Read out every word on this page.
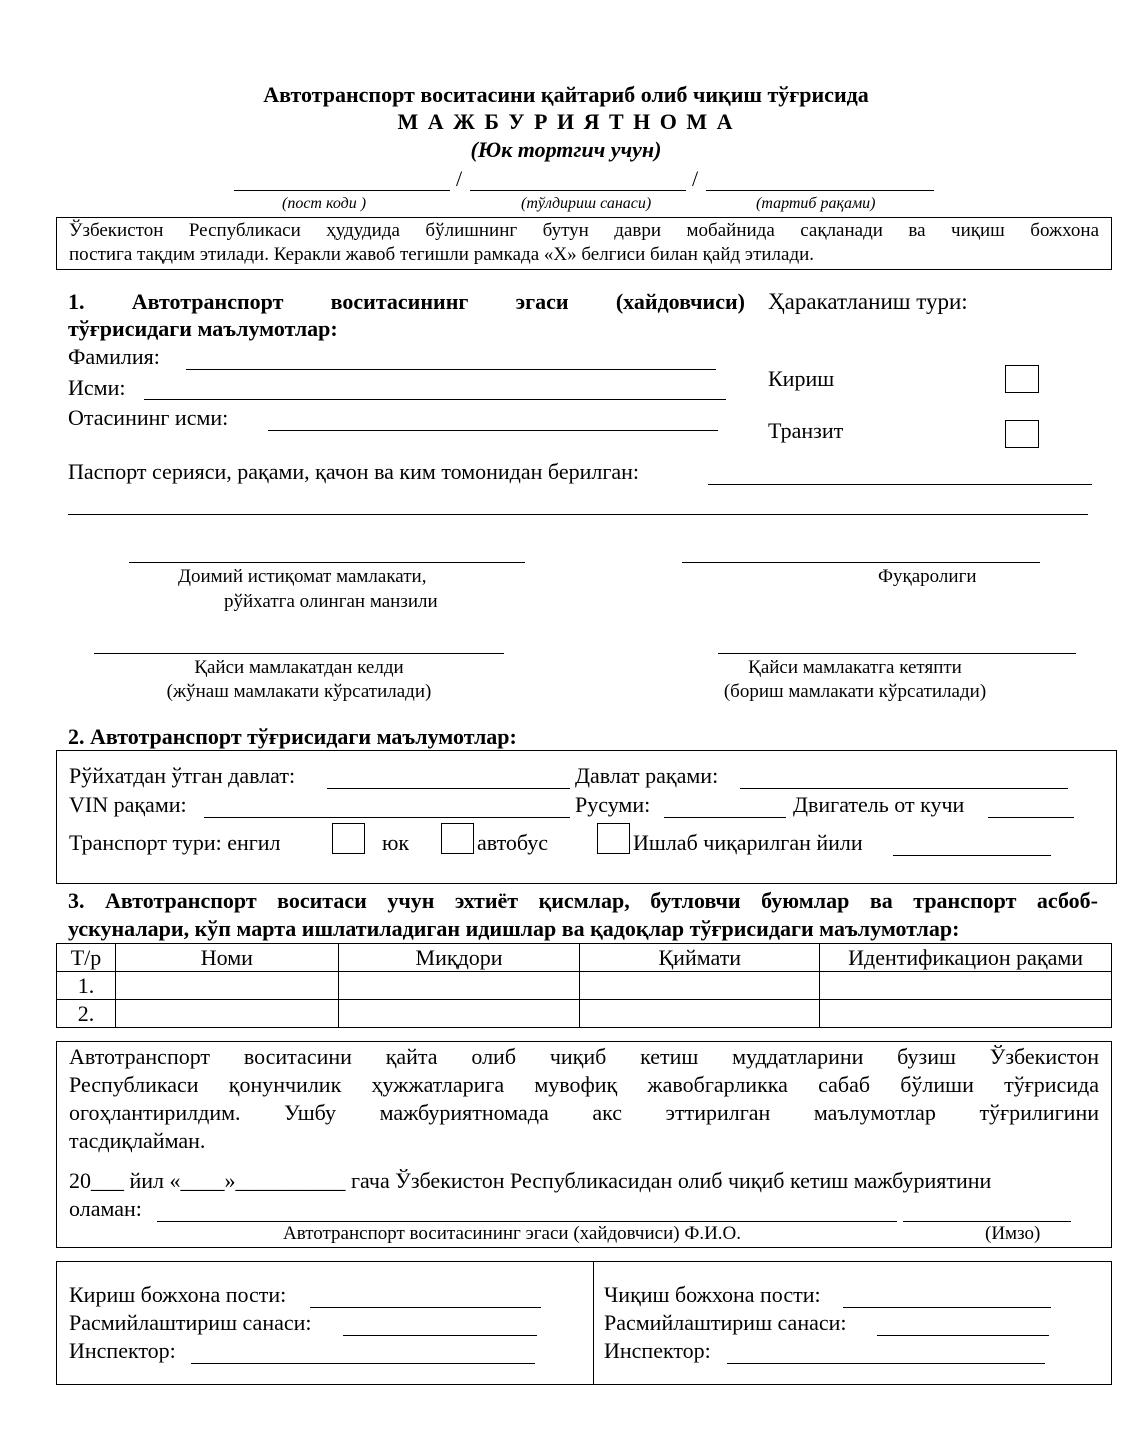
Автотранспорт воситасини қайтариб олиб чиқиш тўғрисида
М А Ж Б У Р И Я Т Н О М А
(Юк тортгич учун)
/	/
(пост коди )	(тўлдириш санаси)	(тартиб рақами)
Ўзбекистон Республикаси ҳудудида бўлишнинг бутун даври мобайнида сақланади ва чиқиш божхона
постига тақдим этилади. Керакли жавоб тегишли рамкада «Х» белгиси билан қайд этилади.
1. Автотранспорт воситасининг эгаси (хайдовчиси)
тўғрисидаги маълумотлар:
Фамилия:
Исми:
Отасининг исми:
Ҳаракатланиш тури:
Кириш
Транзит
Паспорт серияси, рақами, қачон ва ким томонидан берилган:
Доимий истиқомат мамлакати,
рўйхатга олинган манзили
Фуқаролиги
Қайси мамлакатдан келди
(жўнаш мамлакати кўрсатилади)
Қайси мамлакатга кетяпти
(бориш мамлакати кўрсатилади)
2. Автотранспорт тўғрисидаги маълумотлар:
Рўйхатдан ўтган давлат:	Давлат рақами:
VIN рақами:	Русуми:	Двигатель от кучи
Транспорт тури: енгил	юк	автобус	Ишлаб чиқарилган йили
3. Автотранспорт воситаси учун эхтиёт қисмлар, бутловчи буюмлар ва транспорт асбоб-
ускуналари, кўп марта ишлатиладиган идишлар ва қадоқлар тўғрисидаги маълумотлар:
Т/р	Номи	Миқдори	Қиймати	Идентификацион рақами
1.				
2.				
Автотранспорт воситасини қайта олиб чиқиб кетиш муддатларини бузиш Ўзбекистон
Республикаси қонунчилик ҳужжатларига мувофиқ жавобгарликка сабаб бўлиши тўғрисида
огоҳлантирилдим. Ушбу мажбуриятномада акс эттирилган маълумотлар тўғрилигини
тасдиқлайман.
20___ йил «____»__________ гача Ўзбекистон Республикасидан олиб чиқиб кетиш мажбуриятини
оламан:
Автотранспорт воситасининг эгаси (хайдовчиси) Ф.И.О.	(Имзо)
Кириш божхона пости:
Расмийлаштириш санаси:
Инспектор:
Чиқиш божхона пости:
Расмийлаштириш санаси:
Инспектор:
